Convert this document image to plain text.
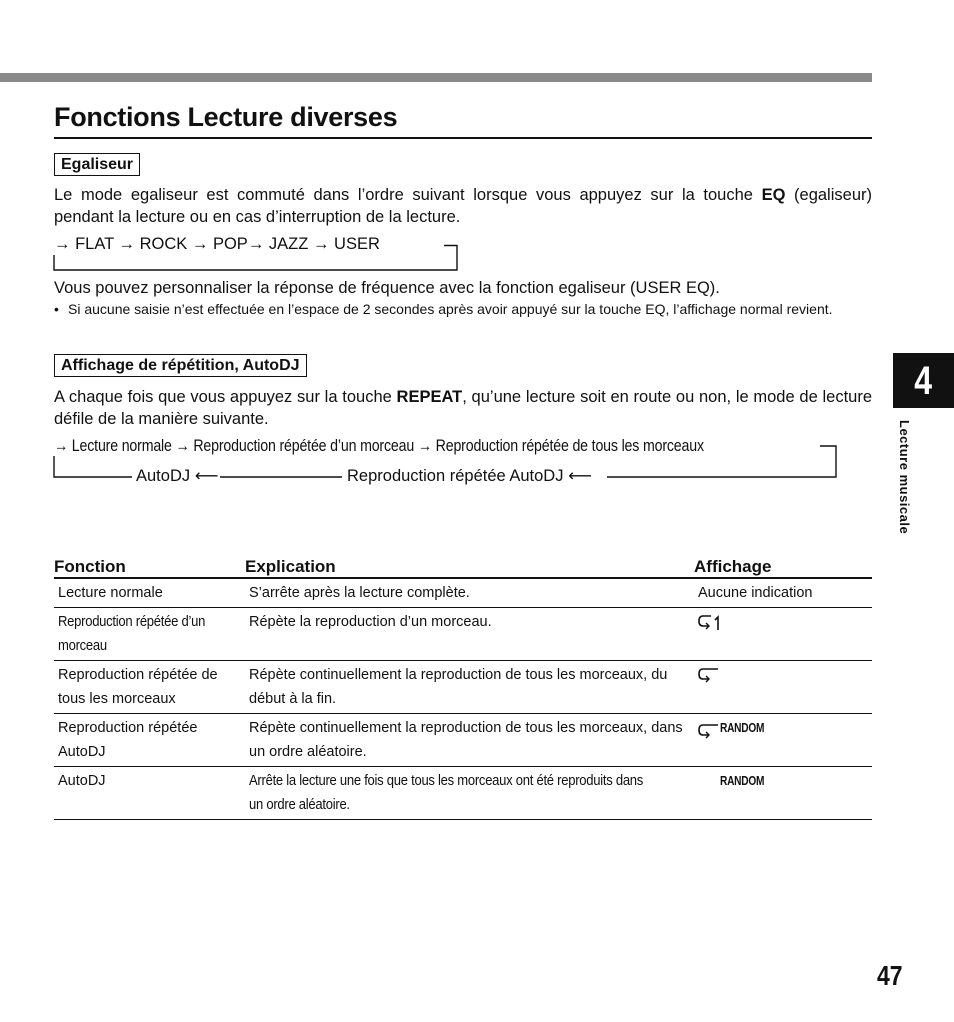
Fonctions Lecture diverses
Egaliseur
Le mode egaliseur est commuté dans l’ordre suivant lorsque vous appuyez sur la touche EQ (egaliseur) pendant la lecture ou en cas d’interruption de la lecture.
→ FLAT → ROCK → POP→ JAZZ → USER
Vous pouvez personnaliser la réponse de fréquence avec la fonction egaliseur (USER EQ).
• Si aucune saisie n’est effectuée en l’espace de 2 secondes après avoir appuyé sur la touche EQ, l’affichage normal revient.
Affichage de répétition, AutoDJ
A chaque fois que vous appuyez sur la touche REPEAT, qu’une lecture soit en route ou non, le mode de lecture défile de la manière suivante.
→ Lecture normale → Reproduction répétée d’un morceau → Reproduction répétée de tous les morceaux
AutoDJ ⟵	Reproduction répétée AutoDJ ⟵
Fonction	Explication	Affichage
Lecture normale	S’arrête après la lecture complète.	Aucune indication
Reproduction répétée d’un morceau	Répète la reproduction d’un morceau.	

Reproduction répétée de tous les morceaux	Répète continuellement la reproduction de tous les morceaux, du début à la fin.	

Reproduction répétée AutoDJ	Répète continuellement la reproduction de tous les morceaux, dans un ordre aléatoire.	RANDOM

AutoDJ	Arrête la lecture une fois que tous les morceaux ont été reproduits dans un ordre aléatoire.	RANDOM
4
Lecture musicale
47
